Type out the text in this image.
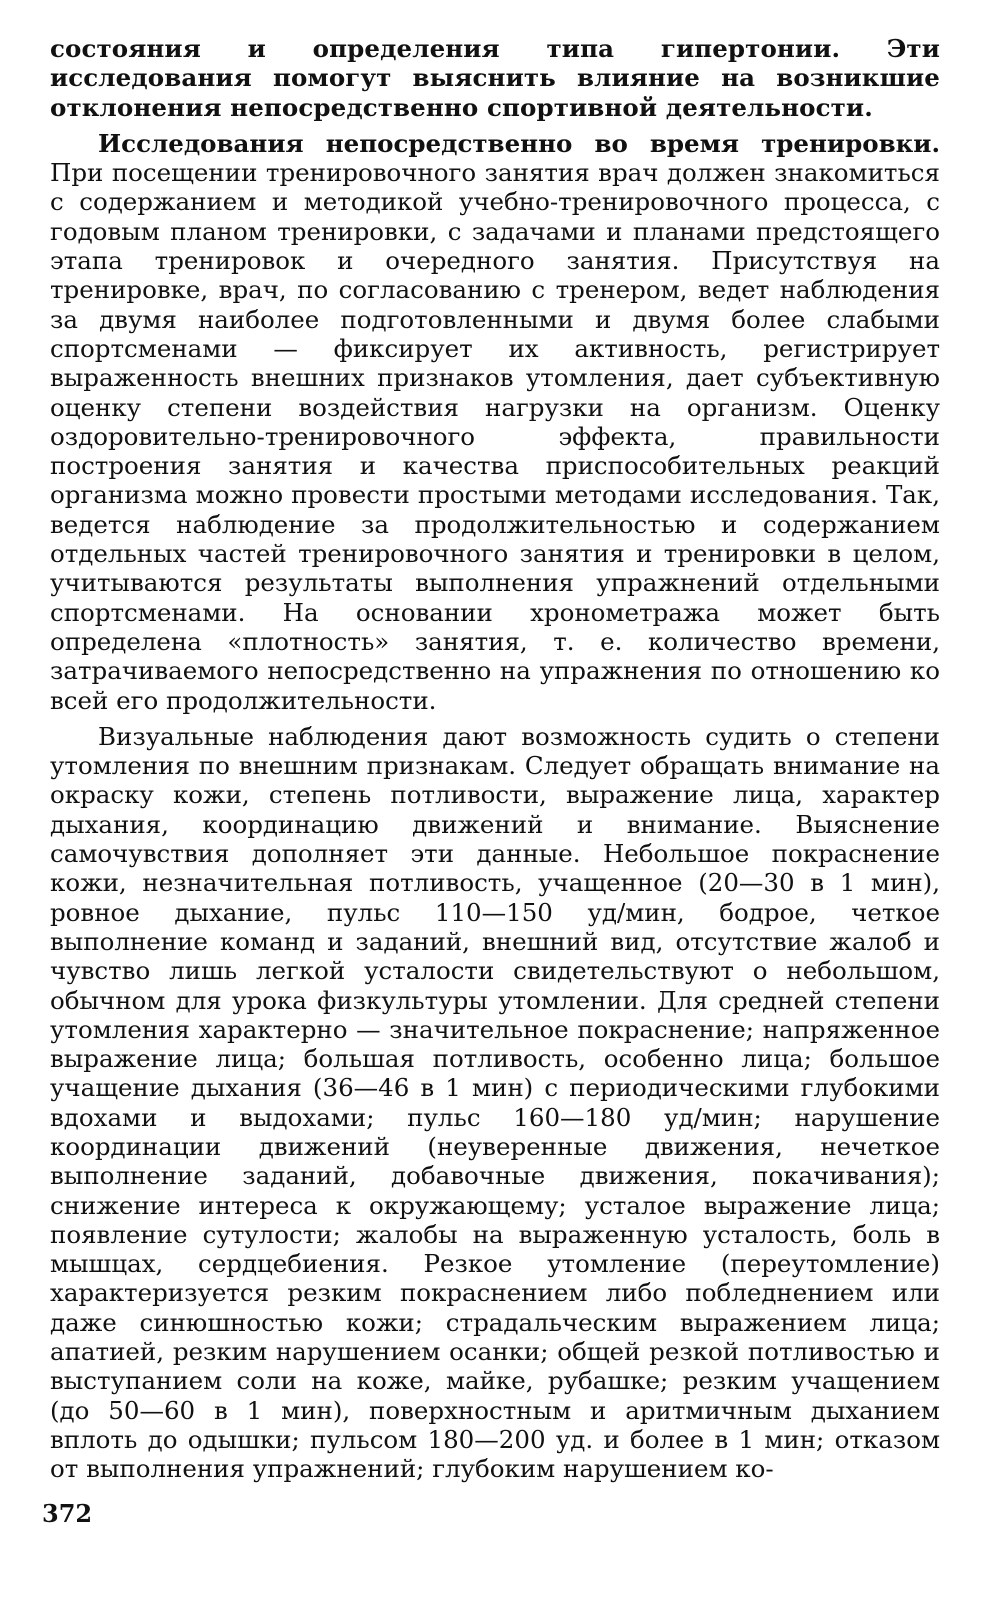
состояния и определения типа гипертонии. Эти исследования помогут выяснить влияние на возникшие отклонения непосредственно спортивной деятельности.

Исследования непосредственно во время тренировки. При посещении тренировочного занятия врач должен знакомиться с содержанием и методикой учебно-тренировочного процесса, с годовым планом тренировки, с задачами и планами предстоящего этапа тренировок и очередного занятия. Присутствуя на тренировке, врач, по согласованию с тренером, ведет наблюдения за двумя наиболее подготовленными и двумя более слабыми спортсменами — фиксирует их активность, регистрирует выраженность внешних признаков утомления, дает субъективную оценку степени воздействия нагрузки на организм. Оценку оздоровительно-тренировочного эффекта, правильности построения занятия и качества приспособительных реакций организма можно провести простыми методами исследования. Так, ведется наблюдение за продолжительностью и содержанием отдельных частей тренировочного занятия и тренировки в целом, учитываются результаты выполнения упражнений отдельными спортсменами. На основании хронометража может быть определена «плотность» занятия, т. е. количество времени, затрачиваемого непосредственно на упражнения по отношению ко всей его продолжительности.

Визуальные наблюдения дают возможность судить о степени утомления по внешним признакам. Следует обращать внимание на окраску кожи, степень потливости, выражение лица, характер дыхания, координацию движений и внимание. Выяснение самочувствия дополняет эти данные. Небольшое покраснение кожи, незначительная потливость, учащенное (20—30 в 1 мин), ровное дыхание, пульс 110—150 уд/мин, бодрое, четкое выполнение команд и заданий, внешний вид, отсутствие жалоб и чувство лишь легкой усталости свидетельствуют о небольшом, обычном для урока физкультуры утомлении. Для средней степени утомления характерно — значительное покраснение; напряженное выражение лица; большая потливость, особенно лица; большое учащение дыхания (36—46 в 1 мин) с периодическими глубокими вдохами и выдохами; пульс 160—180 уд/мин; нарушение координации движений (неуверенные движения, нечеткое выполнение заданий, добавочные движения, покачивания); снижение интереса к окружающему; усталое выражение лица; появление сутулости; жалобы на выраженную усталость, боль в мышцах, сердцебиения. Резкое утомление (переутомление) характеризуется резким покраснением либо побледнением или даже синюшностью кожи; страдальческим выражением лица; апатией, резким нарушением осанки; общей резкой потливостью и выступанием соли на коже, майке, рубашке; резким учащением (до 50—60 в 1 мин), поверхностным и аритмичным дыханием вплоть до одышки; пульсом 180—200 уд. и более в 1 мин; отказом от выполнения упражнений; глубоким нарушением ко-

372
